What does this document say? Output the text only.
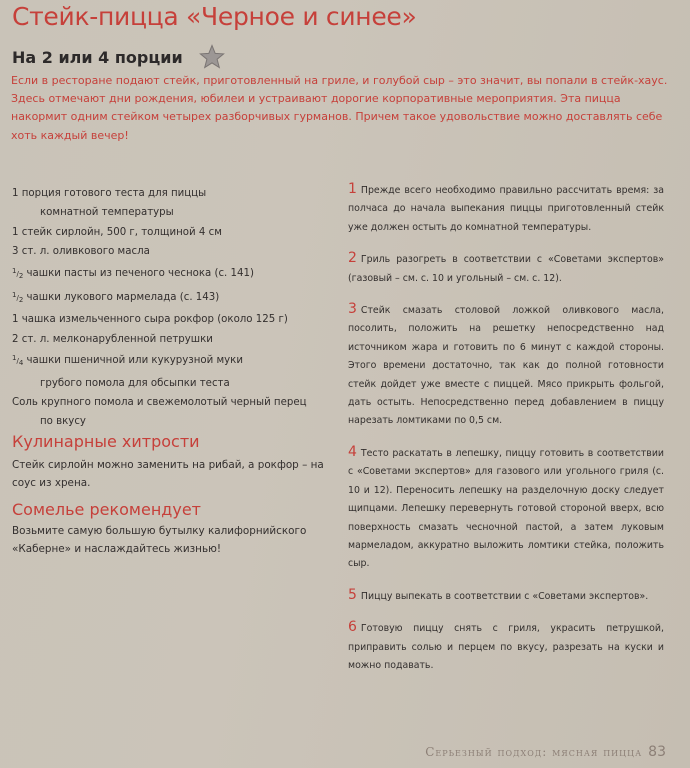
Стейк-пицца «Черное и синее»
На 2 или 4 порции
Если в ресторане подают стейк, приготовленный на гриле, и голубой сыр – это значит, вы попали в стейк-хаус. Здесь отмечают дни рождения, юбилеи и устраивают дорогие корпоративные мероприятия. Эта пицца накормит одним стейком четырех разборчивых гурманов. Причем такое удовольствие можно доставлять себе хоть каждый вечер!
1 порция готового теста для пиццы
комнатной температуры
1 стейк сирлойн, 500 г, толщиной 4 см
3 ст. л. оливкового масла
1/2 чашки пасты из печеного чеснока (с. 141)
1/2 чашки лукового мармелада (с. 143)
1 чашка измельченного сыра рокфор (около 125 г)
2 ст. л. мелконарубленной петрушки
1/4 чашки пшеничной или кукурузной муки
грубого помола для обсыпки теста
Соль крупного помола и свежемолотый черный перец
по вкусу
Кулинарные хитрости
Стейк сирлойн можно заменить на рибай, а рокфор – на соус из хрена.
Сомелье рекомендует
Возьмите самую большую бутылку калифорнийского «Каберне» и наслаждайтесь жизнью!
1 Прежде всего необходимо правильно рассчитать время: за полчаса до начала выпекания пиццы приготовленный стейк уже должен остыть до комнатной температуры.
2 Гриль разогреть в соответствии с «Советами экспертов» (газовый – см. с. 10 и угольный – см. с. 12).
3 Стейк смазать столовой ложкой оливкового масла, посолить, положить на решетку непосредственно над источником жара и готовить по 6 минут с каждой стороны. Этого времени достаточно, так как до полной готовности стейк дойдет уже вместе с пиццей. Мясо прикрыть фольгой, дать остыть. Непосредственно перед добавлением в пиццу нарезать ломтиками по 0,5 см.
4 Тесто раскатать в лепешку, пиццу готовить в соответствии с «Советами экспертов» для газового или угольного гриля (с. 10 и 12). Переносить лепешку на разделочную доску следует щипцами. Лепешку перевернуть готовой стороной вверх, всю поверхность смазать чесночной пастой, а затем луковым мармеладом, аккуратно выложить ломтики стейка, положить сыр.
5 Пиццу выпекать в соответствии с «Советами экспертов».
6 Готовую пиццу снять с гриля, украсить петрушкой, приправить солью и перцем по вкусу, разрезать на куски и можно подавать.
Серьезный подход: мясная пицца 83
